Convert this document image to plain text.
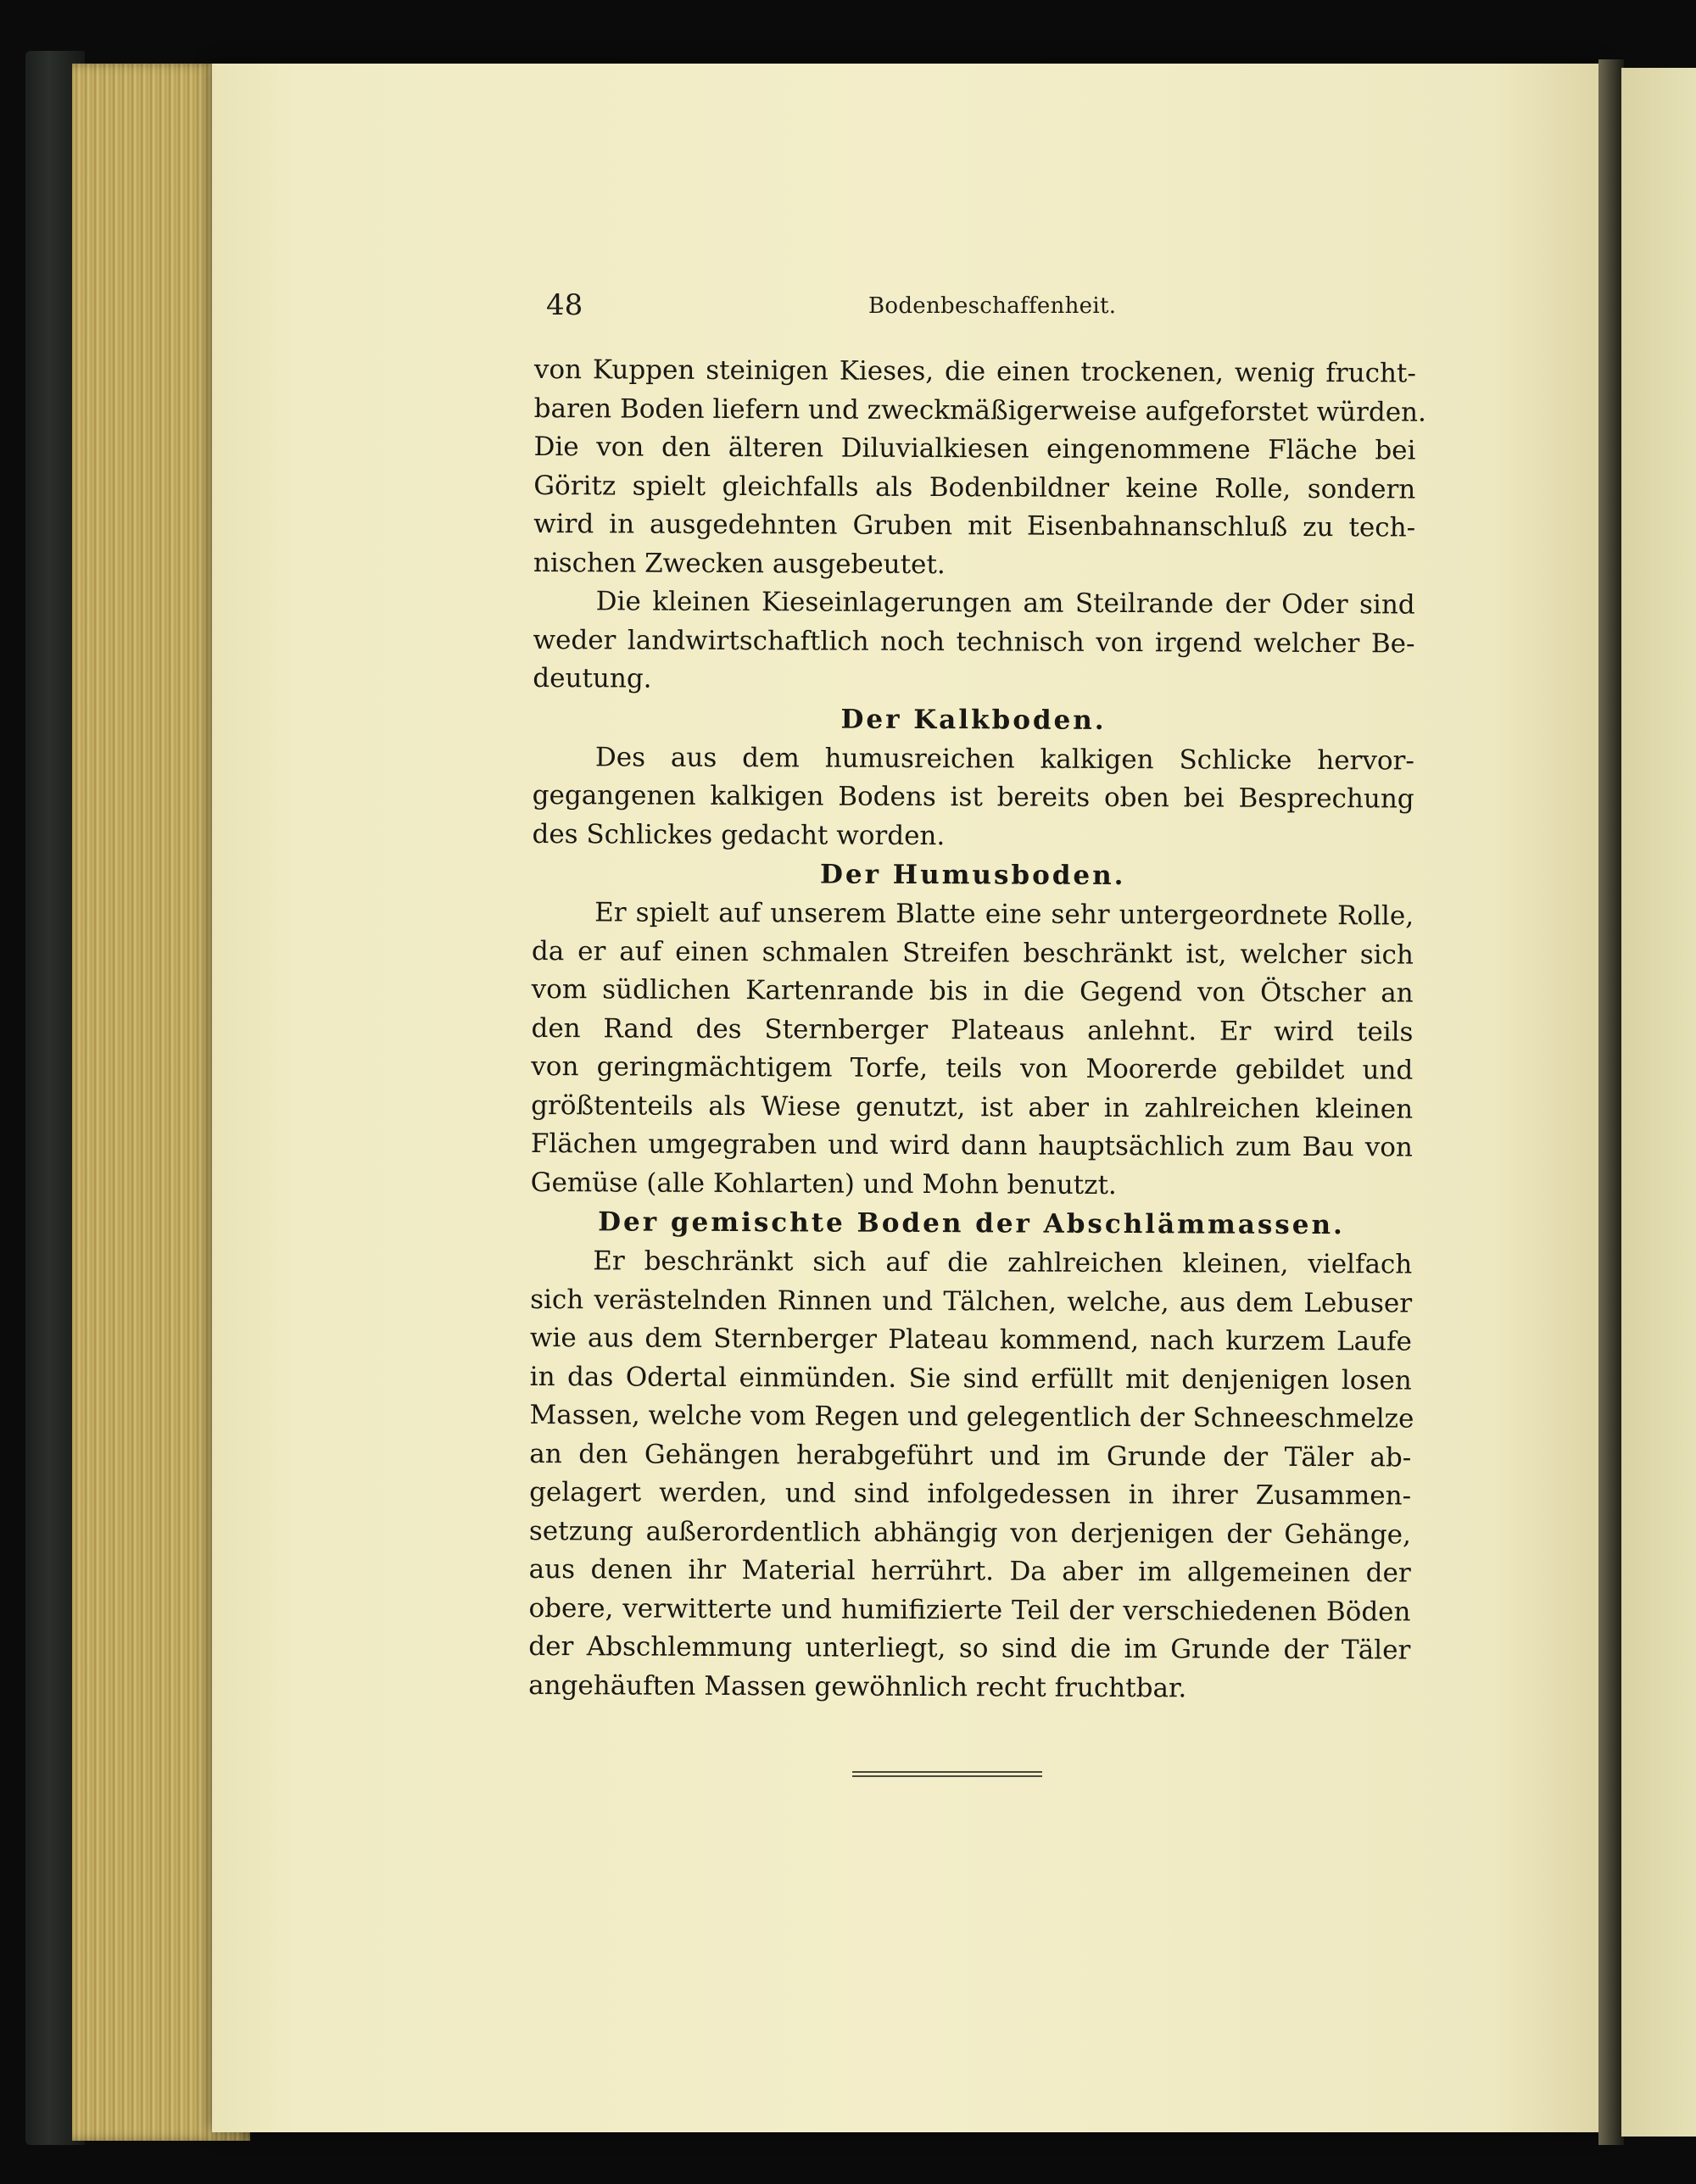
48	Bodenbeschaffenheit.
von Kuppen steinigen Kieses, die einen trockenen, wenig frucht-
baren Boden liefern und zweckmäßigerweise aufgeforstet würden.
Die von den älteren Diluvialkiesen eingenommene Fläche bei
Göritz spielt gleichfalls als Bodenbildner keine Rolle, sondern
wird in ausgedehnten Gruben mit Eisenbahnanschluß zu tech-
nischen Zwecken ausgebeutet.
Die kleinen Kieseinlagerungen am Steilrande der Oder sind
weder landwirtschaftlich noch technisch von irgend welcher Be-
deutung.
Der Kalkboden.
Des aus dem humusreichen kalkigen Schlicke hervor-
gegangenen kalkigen Bodens ist bereits oben bei Besprechung
des Schlickes gedacht worden.
Der Humusboden.
Er spielt auf unserem Blatte eine sehr untergeordnete Rolle,
da er auf einen schmalen Streifen beschränkt ist, welcher sich
vom südlichen Kartenrande bis in die Gegend von Ötscher an
den Rand des Sternberger Plateaus anlehnt. Er wird teils
von geringmächtigem Torfe, teils von Moorerde gebildet und
größtenteils als Wiese genutzt, ist aber in zahlreichen kleinen
Flächen umgegraben und wird dann hauptsächlich zum Bau von
Gemüse (alle Kohlarten) und Mohn benutzt.
Der gemischte Boden der Abschlämmassen.
Er beschränkt sich auf die zahlreichen kleinen, vielfach
sich verästelnden Rinnen und Tälchen, welche, aus dem Lebuser
wie aus dem Sternberger Plateau kommend, nach kurzem Laufe
in das Odertal einmünden. Sie sind erfüllt mit denjenigen losen
Massen, welche vom Regen und gelegentlich der Schneeschmelze
an den Gehängen herabgeführt und im Grunde der Täler ab-
gelagert werden, und sind infolgedessen in ihrer Zusammen-
setzung außerordentlich abhängig von derjenigen der Gehänge,
aus denen ihr Material herrührt. Da aber im allgemeinen der
obere, verwitterte und humifizierte Teil der verschiedenen Böden
der Abschlemmung unterliegt, so sind die im Grunde der Täler
angehäuften Massen gewöhnlich recht fruchtbar.
